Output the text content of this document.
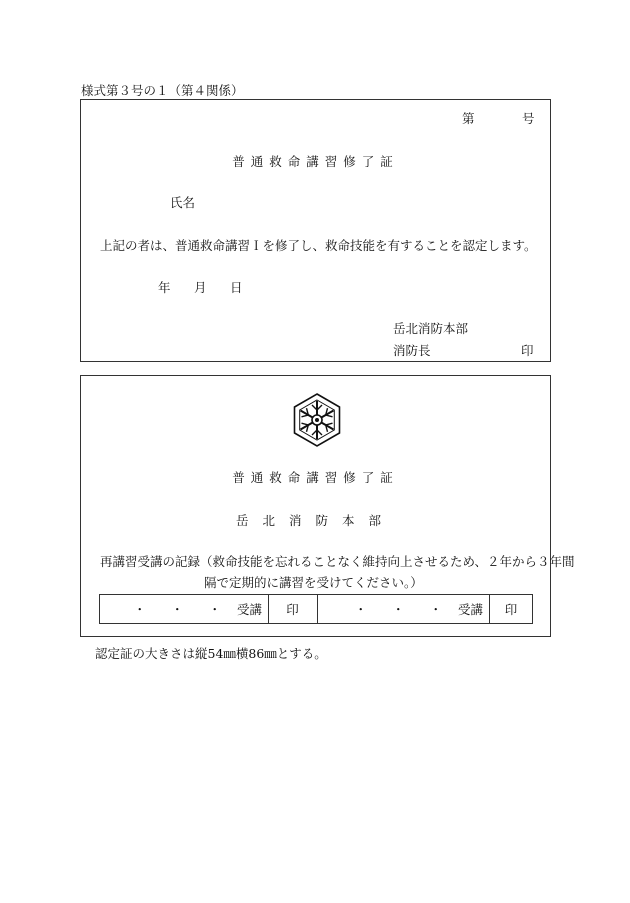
様式第３号の１（第４関係）
第	号
普通救命講習修了証
氏名
上記の者は、普通救命講習Ｉを修了し、救命技能を有することを認定します。
年 月 日
岳北消防本部
消防長	印
普通救命講習修了証
岳北消防本部
再講習受講の記録（救命技能を忘れることなく維持向上させるため、２年から３年間
隔で定期的に講習を受けてください。）
・　　・　　・ 受講	印	・　　・　　・ 受講	印
認定証の大きさは縦54㎜横86㎜とする。
